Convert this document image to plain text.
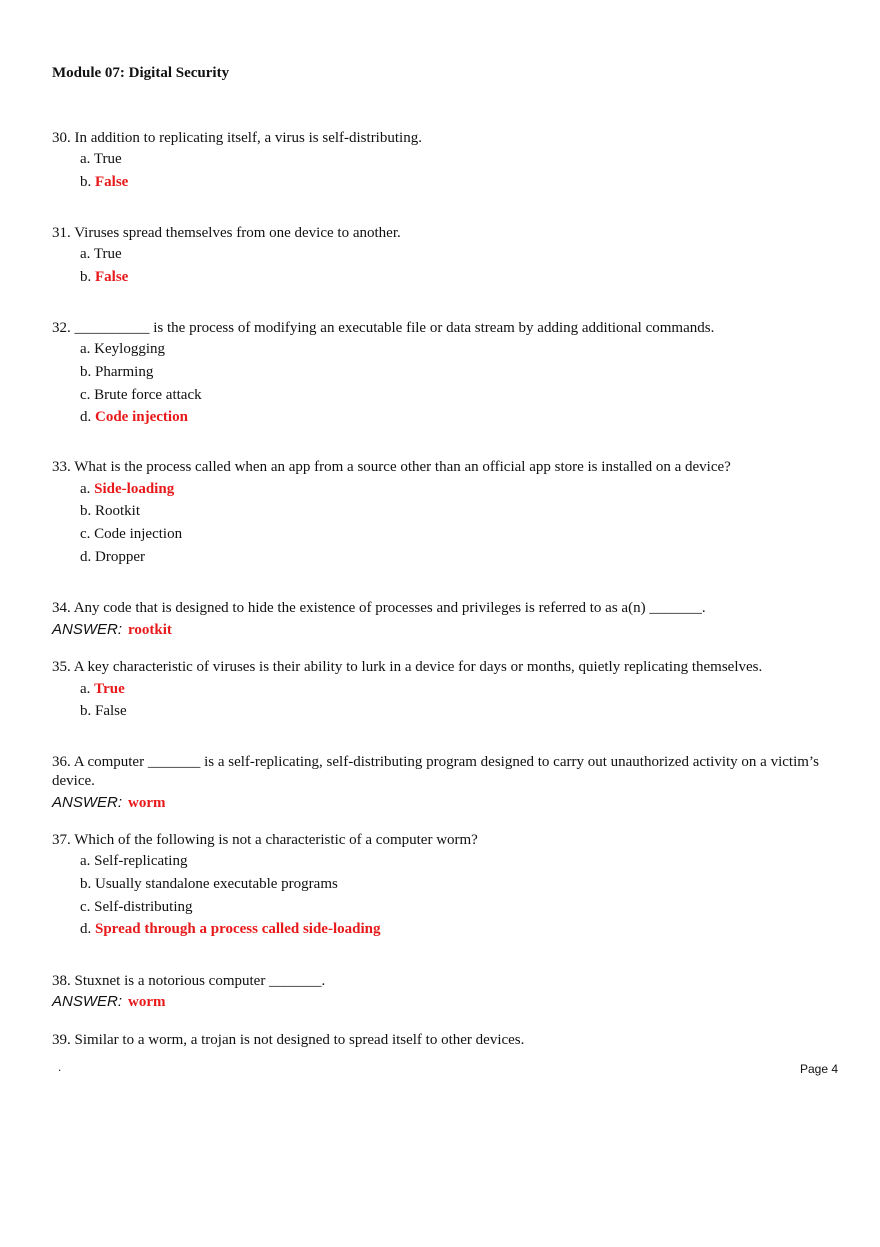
Module 07: Digital Security
30. In addition to replicating itself, a virus is self-distributing.
a. True
b. False
31. Viruses spread themselves from one device to another.
a. True
b. False
32. __________ is the process of modifying an executable file or data stream by adding additional commands.
a. Keylogging
b. Pharming
c. Brute force attack
d. Code injection
33. What is the process called when an app from a source other than an official app store is installed on a device?
a. Side-loading
b. Rootkit
c. Code injection
d. Dropper
34. Any code that is designed to hide the existence of processes and privileges is referred to as a(n) _______.
ANSWER: rootkit
35. A key characteristic of viruses is their ability to lurk in a device for days or months, quietly replicating themselves.
a. True
b. False
36. A computer _______ is a self-replicating, self-distributing program designed to carry out unauthorized activity on a victim’s device.
ANSWER: worm
37. Which of the following is not a characteristic of a computer worm?
a. Self-replicating
b. Usually standalone executable programs
c. Self-distributing
d. Spread through a process called side-loading
38. Stuxnet is a notorious computer _______.
ANSWER: worm
39. Similar to a worm, a trojan is not designed to spread itself to other devices.
.	Page 4
